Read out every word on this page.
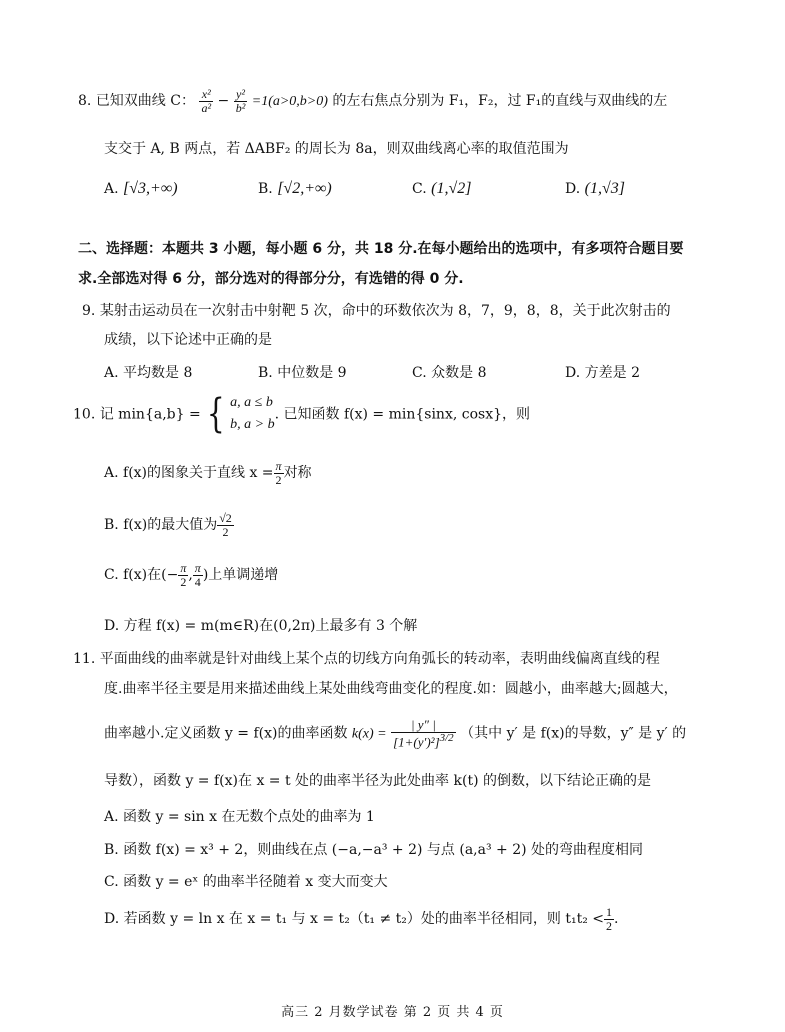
8. 已知双曲线 C： $\frac{\text{x²}}{\text{a²}} - \frac{\text{y²}}{\text{b²}} =1(a>0,b>0)$ 的左右焦点分别为 F₁，F₂，过 F₁的直线与双曲线的左
支交于 A, B 两点，若 ΔABF₂ 的周长为 8a，则双曲线离心率的取值范围为
A. [√3,+∞)	B. [√2,+∞)	C. (1,√2]	D. (1,√3]
二、选择题：本题共 3 小题，每小题 6 分，共 18 分.在每小题给出的选项中，有多项符合题目要
求.全部选对得 6 分，部分选对的得部分分，有选错的得 0 分.
9. 某射击运动员在一次射击中射靶 5 次，命中的环数依次为 8，7，9，8，8，关于此次射击的
成绩，以下论述中正确的是
A. 平均数是 8	B. 中位数是 9	C. 众数是 8	D. 方差是 2
10. 记 min{a,b} = { a, a ≤ b
b, a > b
. 已知函数 f(x) = min{sinx, cosx}，则
A. f(x)的图象关于直线 $x = \frac{\pi}{2}$ 对称
B. f(x)的最大值为 $\frac{√2}{2}$
C. f(x)在(− $\frac{\pi}{2}$ , $\frac{\pi}{4}$ )上单调递增
D. 方程 f(x) = m(m∈R)在(0,2π)上最多有 3 个解
11. 平面曲线的曲率就是针对曲线上某个点的切线方向角弧长的转动率，表明曲线偏离直线的程
度.曲率半径主要是用来描述曲线上某处曲线弯曲变化的程度.如：圆越小，曲率越大;圆越大，
曲率越小.定义函数 y = f(x)的曲率函数 $k(x) = \frac{| y'' |}{[1+(y')^2]^{3/2}}$ （其中 y′ 是 f(x)的导数，y″ 是 y′ 的
导数），函数 y = f(x)在 x = t 处的曲率半径为此处曲率 k(t) 的倒数，以下结论正确的是
A. 函数 y = sin x 在无数个点处的曲率为 1
B. 函数 f(x) = x³ + 2，则曲线在点 (−a,−a³ + 2) 与点 (a,a³ + 2) 处的弯曲程度相同
C. 函数 y = eˣ 的曲率半径随着 x 变大而变大
D. 若函数 y = ln x 在 x = t₁ 与 x = t₂（t₁ ≠ t₂）处的曲率半径相同，则 $t_1t_2 < \frac{1}{2}$ .
高三 2 月数学试卷 第 2 页 共 4 页
